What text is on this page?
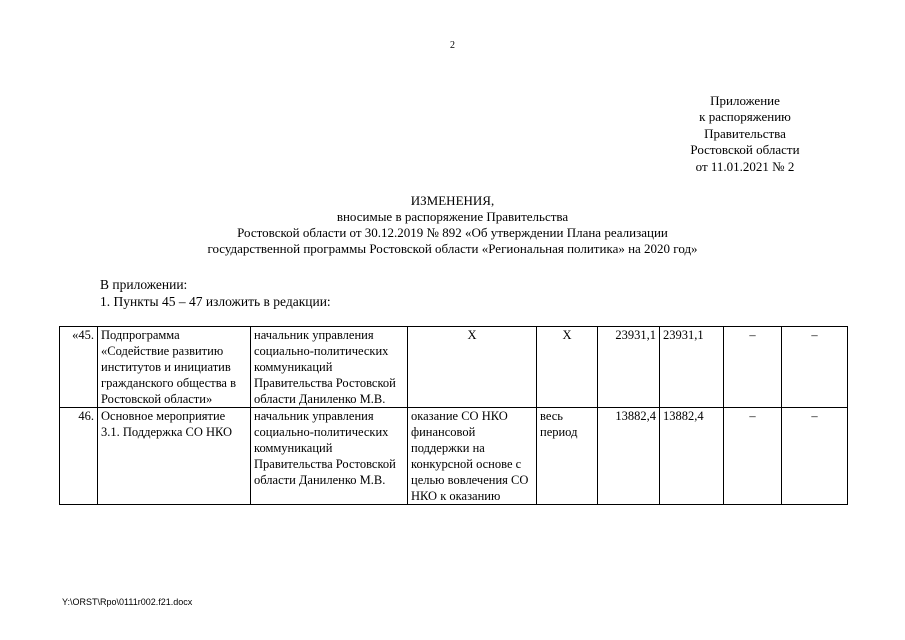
2
Приложение
к распоряжению
Правительства
Ростовской области
от 11.01.2021 № 2
ИЗМЕНЕНИЯ,
вносимые в распоряжение Правительства
Ростовской области от 30.12.2019 № 892 «Об утверждении Плана реализации
государственной программы Ростовской области «Региональная политика» на 2020 год»
В приложении:
1. Пункты 45 – 47 изложить в редакции:
«45.	Подпрограмма «Содействие развитию институтов и инициатив гражданского общества в Ростовской области»	начальник управления социально-политических коммуникаций Правительства Ростовской области Даниленко М.В.	X	X	23931,1	23931,1	–	–
46.	Основное мероприятие 3.1. Поддержка СО НКО	начальник управления социально-политических коммуникаций Правительства Ростовской области Даниленко М.В.	оказание СО НКО финансовой поддержки на конкурсной основе с целью вовлечения СО НКО к оказанию	весь период	13882,4	13882,4	–	–
Y:\ORST\Rpo\0111r002.f21.docx
